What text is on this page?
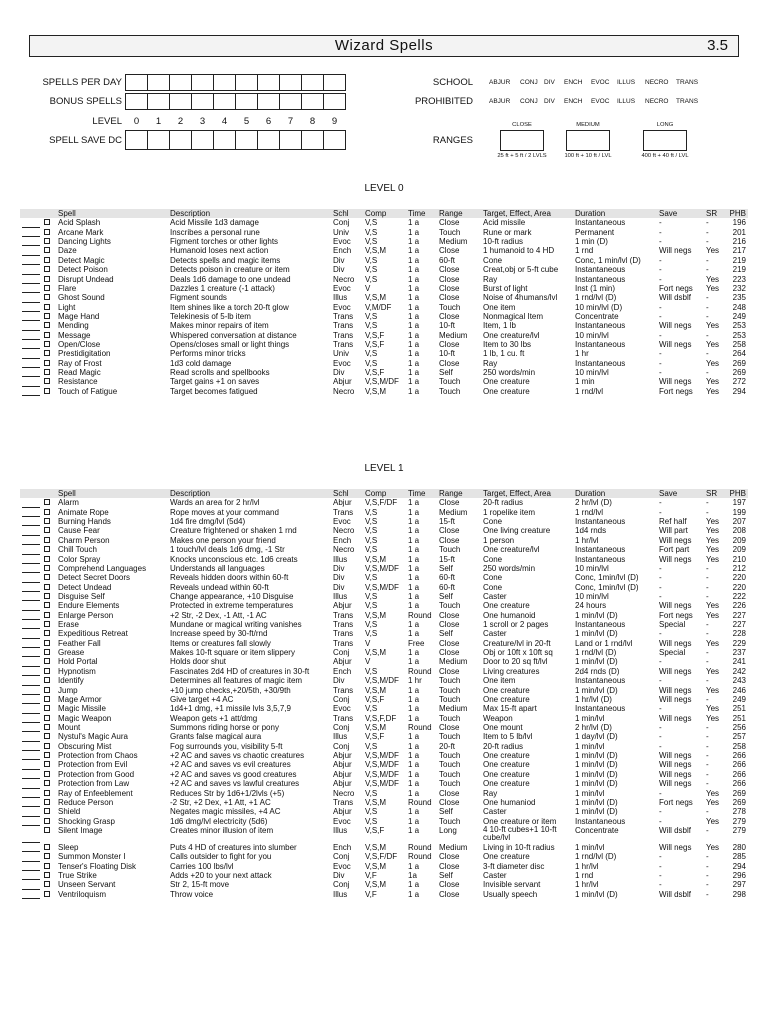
Wizard Spells	3.5
SPELLS PER DAY
BONUS SPELLS
LEVEL	0	1	2	3	4	5	6	7	8	9
SPELL SAVE DC
SCHOOL ABJUR CONJ DIV ENCH EVOC ILLUS NECRO TRANS
PROHIBITED ABJUR CONJ DIV ENCH EVOC ILLUS NECRO TRANS
RANGES
CLOSE
25 ft + 5 ft / 2 LVLS
MEDIUM
100 ft + 10 ft / LVL
LONG
400 ft + 40 ft / LVL
LEVEL 0
	Spell	Description	Schl	Comp	Time	Range	Target, Effect, Area	Duration	Save	SR	PHB

	Acid Splash	Acid Missile 1d3 damage	Conj	V,S	1 a	Close	Acid missile	Instantaneous	-	-	196

	Arcane Mark	Inscribes a personal rune	Univ	V,S	1 a	Touch	Rune or mark	Permanent	-	-	201

	Dancing Lights	Figment torches or other lights	Evoc	V,S	1 a	Medium	10-ft radius	1 min (D)	-	-	216

	Daze	Humanoid loses next action	Ench	V,S,M	1 a	Close	1 humanoid to 4 HD	1 rnd	Will negs	Yes	217

	Detect Magic	Detects spells and magic items	Div	V,S	1 a	60-ft	Cone	Conc, 1 min/lvl (D)	-	-	219

	Detect Poison	Detects poison in creature or item	Div	V,S	1 a	Close	Creat,obj or 5-ft cube	Instantaneous	-	-	219

	Disrupt Undead	Deals 1d6 damage to one undead	Necro	V,S	1 a	Close	Ray	Instantaneous	-	Yes	223

	Flare	Dazzles 1 creature (-1 attack)	Evoc	V	1 a	Close	Burst of light	Inst (1 min)	Fort negs	Yes	232

	Ghost Sound	Figment sounds	Illus	V,S,M	1 a	Close	Noise of 4humans/lvl	1 rnd/lvl (D)	Will dsblf	-	235

	Light	Item shines like a torch 20-ft glow	Evoc	V,M/DF	1 a	Touch	One item	10 min/lvl (D)	-	-	248

	Mage Hand	Telekinesis of 5-lb item	Trans	V,S	1 a	Close	Nonmagical Item	Concentrate	-	-	249

	Mending	Makes minor repairs of item	Trans	V,S	1 a	10-ft	Item, 1 lb	Instantaneous	Will negs	Yes	253

	Message	Whispered conversation at distance	Trans	V,S,F	1 a	Medium	One creature/lvl	10 min/lvl	-	-	253

	Open/Close	Opens/closes small or light things	Trans	V,S,F	1 a	Close	Item to 30 lbs	Instantaneous	Will negs	Yes	258

	Prestidigitation	Performs minor tricks	Univ	V,S	1 a	10-ft	1 lb, 1 cu. ft	1 hr	-	-	264

	Ray of Frost	1d3 cold damage	Evoc	V,S	1 a	Close	Ray	Instantaneous	-	Yes	269

	Read Magic	Read scrolls and spellbooks	Div	V,S,F	1 a	Self	250 words/min	10 min/lvl	-	-	269

	Resistance	Target gains +1 on saves	Abjur	V,S,M/DF	1 a	Touch	One creature	1 min	Will negs	Yes	272

	Touch of Fatigue	Target becomes fatigued	Necro	V,S,M	1 a	Touch	One creature	1 rnd/lvl	Fort negs	Yes	294
LEVEL 1
	Spell	Description	Schl	Comp	Time	Range	Target, Effect, Area	Duration	Save	SR	PHB

	Alarm	Wards an area for 2 hr/lvl	Abjur	V,S,F/DF	1 a	Close	20-ft radius	2 hr/lvl (D)	-	-	197

	Animate Rope	Rope moves at your command	Trans	V,S	1 a	Medium	1 ropelike item	1 rnd/lvl	-	-	199

	Burning Hands	1d4 fire dmg/lvl (5d4)	Evoc	V,S	1 a	15-ft	Cone	Instantaneous	Ref half	Yes	207

	Cause Fear	Creature frightened or shaken 1 rnd	Necro	V,S	1 a	Close	One living creature	1d4 rnds	Will part	Yes	208

	Charm Person	Makes one person your friend	Ench	V,S	1 a	Close	1 person	1 hr/lvl	Will negs	Yes	209

	Chill Touch	1 touch/lvl deals 1d6 dmg, -1 Str	Necro	V,S	1 a	Touch	One creature/lvl	Instantaneous	Fort part	Yes	209

	Color Spray	Knocks unconscious etc. 1d6 creats	Illus	V,S,M	1 a	15-ft	Cone	Instantaneous	Will negs	Yes	210

	Comprehend Languages	Understands all languages	Div	V,S,M/DF	1 a	Self	250 words/min	10 min/lvl	-	-	212

	Detect Secret Doors	Reveals hidden doors within 60-ft	Div	V,S	1 a	60-ft	Cone	Conc, 1min/lvl (D)	-	-	220

	Detect Undead	Reveals undead within 60-ft	Div	V,S,M/DF	1 a	60-ft	Cone	Conc, 1min/lvl (D)	-	-	220

	Disguise Self	Change appearance, +10 Disguise	Illus	V,S	1 a	Self	Caster	10 min/lvl	-	-	222

	Endure Elements	Protected in extreme temperatures	Abjur	V,S	1 a	Touch	One creature	24 hours	Will negs	Yes	226

	Enlarge Person	+2 Str, -2 Dex, -1 Att, -1 AC	Trans	V,S,M	Round	Close	One humanoid	1 min/lvl (D)	Fort negs	Yes	227

	Erase	Mundane or magical writing vanishes	Trans	V,S	1 a	Close	1 scroll or 2 pages	Instantaneous	Special	-	227

	Expeditious Retreat	Increase speed by 30-ft/rnd	Trans	V,S	1 a	Self	Caster	1 min/lvl (D)	-	-	228

	Feather Fall	Items or creatures fall slowly	Trans	V	Free	Close	Creature/lvl in 20-ft	Land or 1 rnd/lvl	Will negs	Yes	229

	Grease	Makes 10-ft square or item slippery	Conj	V,S,M	1 a	Close	Obj or 10ft x 10ft sq	1 rnd/lvl (D)	Special	-	237

	Hold Portal	Holds door shut	Abjur	V	1 a	Medium	Door to 20 sq ft/lvl	1 min/lvl (D)	-	-	241

	Hypnotism	Fascinates 2d4 HD of creatures in 30-ft	Ench	V,S	Round	Close	Living creatures	2d4 rnds (D)	Will negs	Yes	242

	Identify	Determines all features of magic item	Div	V,S,M/DF	1 hr	Touch	One item	Instantaneous	-	-	243

	Jump	+10 jump checks,+20/5th, +30/9th	Trans	V,S,M	1 a	Touch	One creature	1 min/lvl (D)	Will negs	Yes	246

	Mage Armor	Give target +4 AC	Conj	V,S,F	1 a	Touch	One creature	1 hr/lvl (D)	Will negs	-	249

	Magic Missile	1d4+1 dmg, +1 missile lvls 3,5,7,9	Evoc	V,S	1 a	Medium	Max 15-ft apart	Instantaneous	-	Yes	251

	Magic Weapon	Weapon gets +1 att/dmg	Trans	V,S,F,DF	1 a	Touch	Weapon	1 min/lvl	Will negs	Yes	251

	Mount	Summons riding horse or pony	Conj	V,S,M	Round	Close	One mount	2 hr/lvl (D)	-	-	256

	Nystul's Magic Aura	Grants false magical aura	Illus	V,S,F	1 a	Touch	Item to 5 lb/lvl	1 day/lvl (D)	-	-	257

	Obscuring Mist	Fog surrounds you, visibility 5-ft	Conj	V,S	1 a	20-ft	20-ft radius	1 min/lvl	-	-	258

	Protection from Chaos	+2 AC and saves vs chaotic creatures	Abjur	V,S,M/DF	1 a	Touch	One creature	1 min/lvl (D)	Will negs	-	266

	Protection from Evil	+2 AC and saves vs evil creatures	Abjur	V,S,M/DF	1 a	Touch	One creature	1 min/lvl (D)	Will negs	-	266

	Protection from Good	+2 AC and saves vs good creatures	Abjur	V,S,M/DF	1 a	Touch	One creature	1 min/lvl (D)	Will negs	-	266

	Protection from Law	+2 AC and saves vs lawful creatures	Abjur	V,S,M/DF	1 a	Touch	One creature	1 min/lvl (D)	Will negs	-	266

	Ray of Enfeeblement	Reduces Str by 1d6+1/2lvls (+5)	Necro	V,S	1 a	Close	Ray	1 min/lvl	-	Yes	269

	Reduce Person	-2 Str, +2 Dex, +1 Att, +1 AC	Trans	V,S,M	Round	Close	One humaniod	1 min/lvl (D)	Fort negs	Yes	269

	Shield	Negates magic missiles, +4 AC	Abjur	V,S	1 a	Self	Caster	1 min/lvl (D)	-	-	278

	Shocking Grasp	1d6 dmg/lvl electricity (5d6)	Evoc	V,S	1 a	Touch	One creature or item	Instantaneous	-	Yes	279

	Silent Image	Creates minor illusion of item	Illus	V,S,F	1 a	Long	4 10-ft cubes+1 10-ft cube/lvl	Concentrate	Will dsblf	-	279

	Sleep	Puts 4 HD of creatures into slumber	Ench	V,S,M	Round	Medium	Living in 10-ft radius	1 min/lvl	Will negs	Yes	280

	Summon Monster I	Calls outsider to fight for you	Conj	V,S,F/DF	Round	Close	One creature	1 rnd/lvl (D)	-	-	285

	Tenser's Floating Disk	Carries 100 lbs/lvl	Evoc	V,S,M	1 a	Close	3-ft diameter disc	1 hr/lvl	-	-	294

	True Strike	Adds +20 to your next attack	Div	V,F	1a	Self	Caster	1 rnd	-	-	296

	Unseen Servant	Str 2, 15-ft move	Conj	V,S,M	1 a	Close	Invisible servant	1 hr/lvl	-	-	297

	Ventriloquism	Throw voice	Illus	V,F	1 a	Close	Usually speech	1 min/lvl (D)	Will dsblf	-	298
